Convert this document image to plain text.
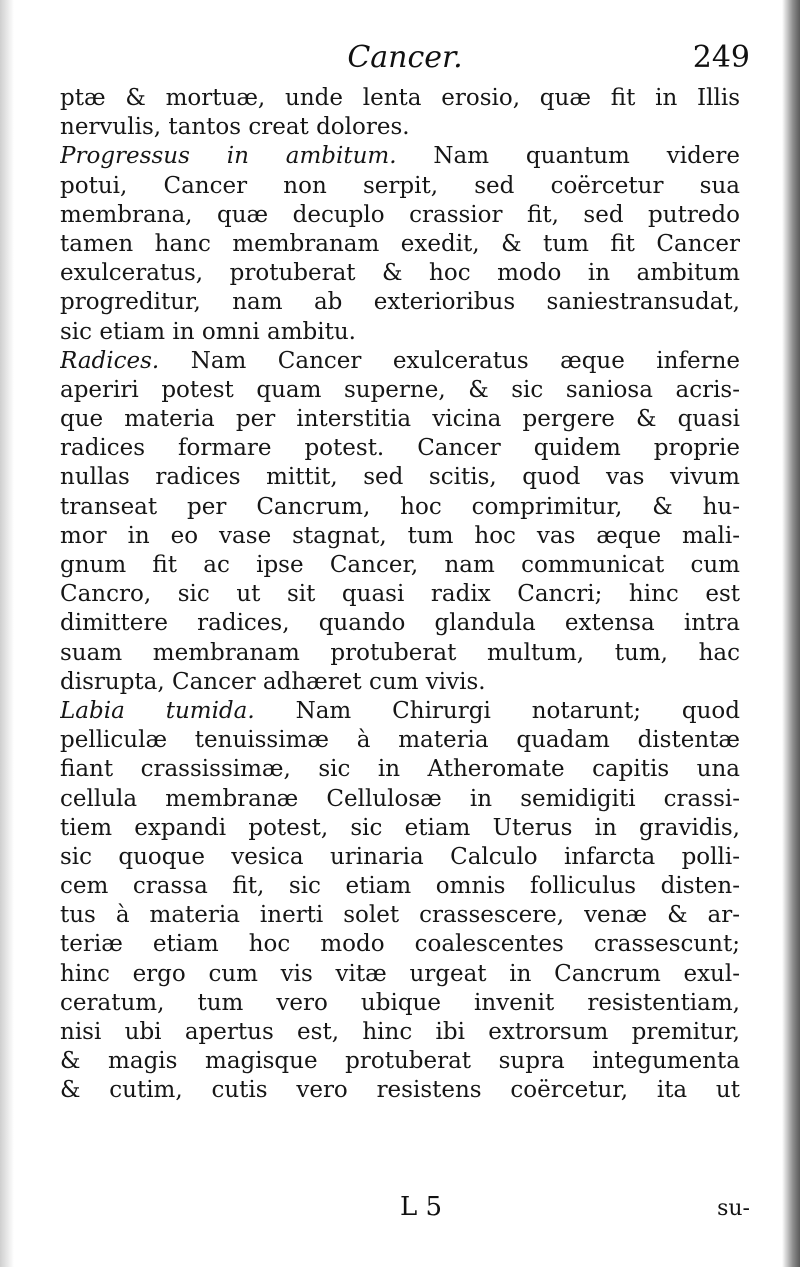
Cancer.	249
ptæ & mortuæ, unde lenta erosio, quæ fit in Illis
nervulis, tantos creat dolores.
Progressus in ambitum. Nam quantum videre
potui, Cancer non serpit, sed coërcetur sua
membrana, quæ decuplo crassior fit, sed putredo
tamen hanc membranam exedit, & tum fit Cancer
exulceratus, protuberat & hoc modo in ambitum
progreditur, nam ab exterioribus saniestransudat,
sic etiam in omni ambitu.
Radices. Nam Cancer exulceratus æque inferne
aperiri potest quam superne, & sic saniosa acris-
que materia per interstitia vicina pergere & quasi
radices formare potest. Cancer quidem proprie
nullas radices mittit, sed scitis, quod vas vivum
transeat per Cancrum, hoc comprimitur, & hu-
mor in eo vase stagnat, tum hoc vas æque mali-
gnum fit ac ipse Cancer, nam communicat cum
Cancro, sic ut sit quasi radix Cancri; hinc est
dimittere radices, quando glandula extensa intra
suam membranam protuberat multum, tum, hac
disrupta, Cancer adhæret cum vivis.
Labia tumida. Nam Chirurgi notarunt; quod
pelliculæ tenuissimæ à materia quadam distentæ
fiant crassissimæ, sic in Atheromate capitis una
cellula membranæ Cellulosæ in semidigiti crassi-
tiem expandi potest, sic etiam Uterus in gravidis,
sic quoque vesica urinaria Calculo infarcta polli-
cem crassa fit, sic etiam omnis folliculus disten-
tus à materia inerti solet crassescere, venæ & ar-
teriæ etiam hoc modo coalescentes crassescunt;
hinc ergo cum vis vitæ urgeat in Cancrum exul-
ceratum, tum vero ubique invenit resistentiam,
nisi ubi apertus est, hinc ibi extrorsum premitur,
& magis magisque protuberat supra integumenta
& cutim, cutis vero resistens coërcetur, ita ut
L 5	su-
